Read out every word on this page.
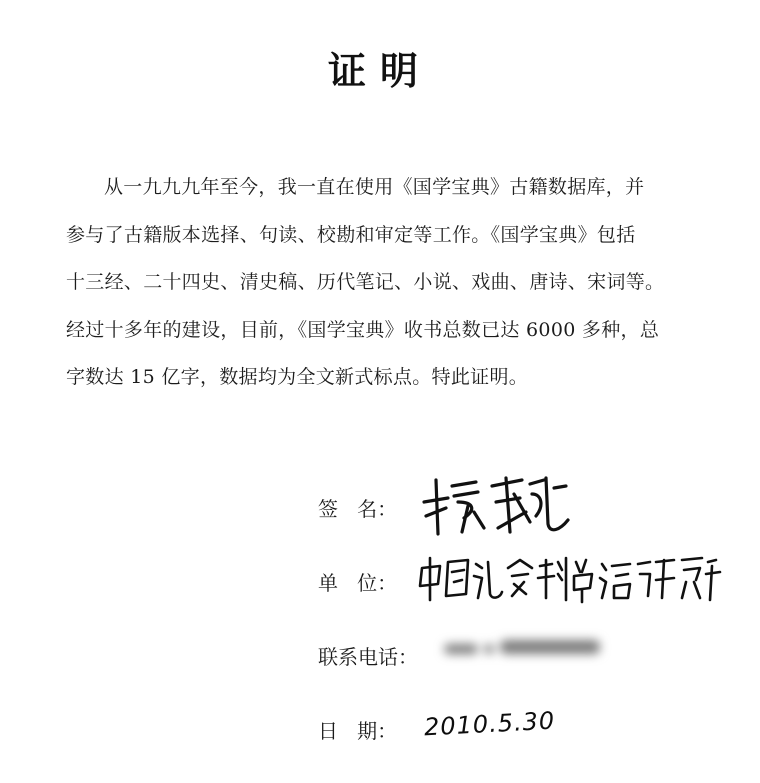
证明
从一九九九年至今，我一直在使用《国学宝典》古籍数据库，并
参与了古籍版本选择、句读、校勘和审定等工作。《国学宝典》包括
十三经、二十四史、清史稿、历代笔记、小说、戏曲、唐诗、宋词等。
经过十多年的建设，目前，《国学宝典》收书总数已达 6000 多种，总
字数达 15 亿字，数据均为全文新式标点。特此证明。
签   名：
单   位：
联系电话：
日   期： 2010.5.30
